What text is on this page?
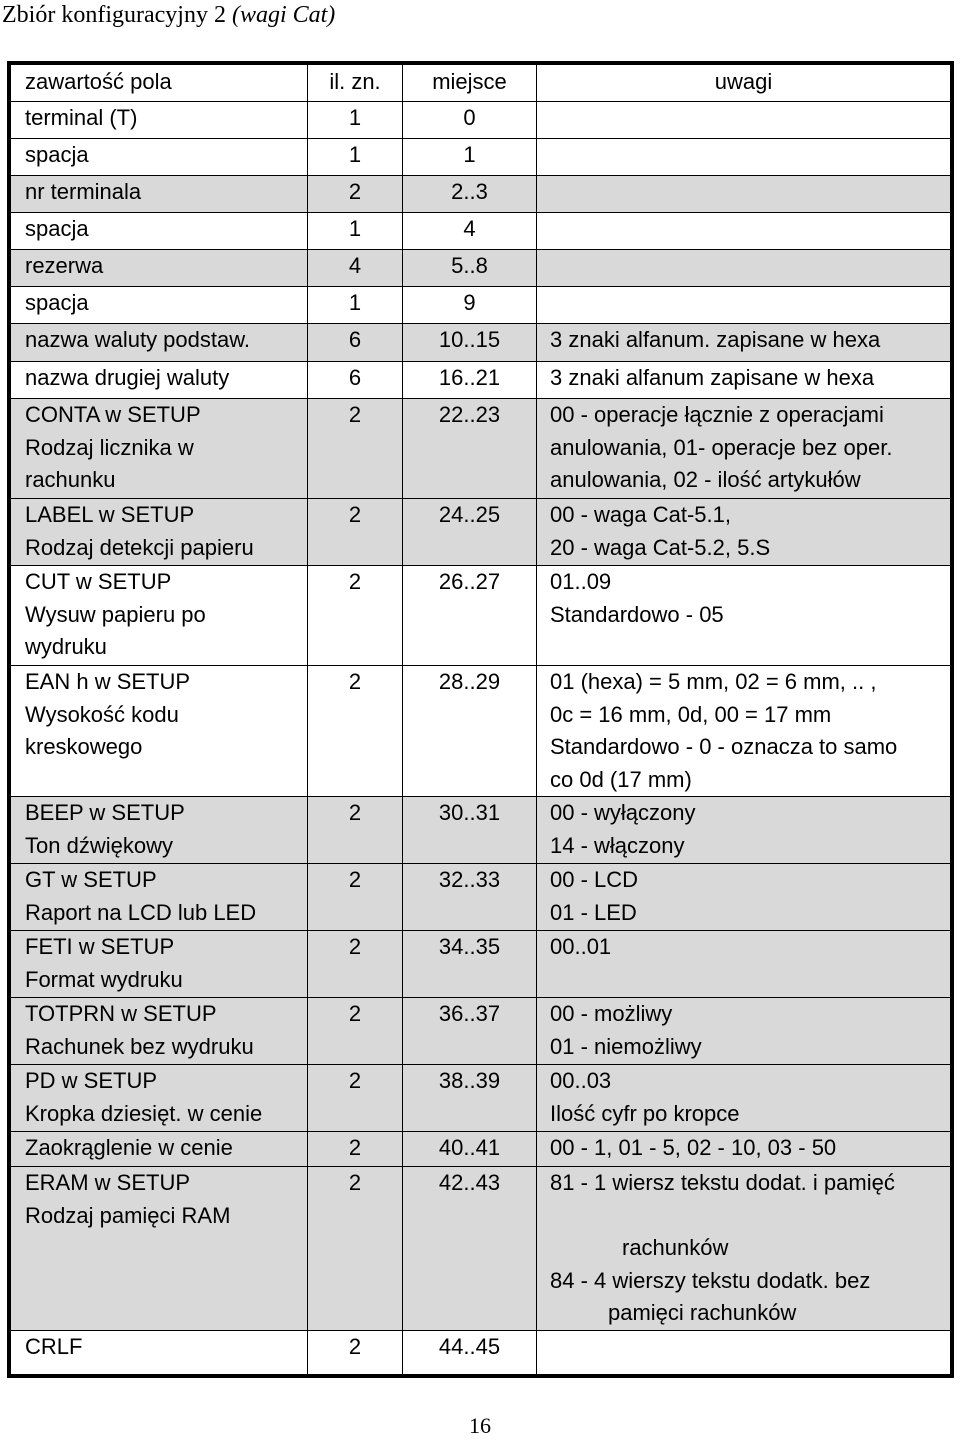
Zbiór konfiguracyjny 2 (wagi Cat)
zawartość pola	il. zn.	miejsce	uwagi

terminal (T)	1	0	

spacja	1	1	

nr terminala	2	2..3	

spacja	1	4	

rezerwa	4	5..8	

spacja	1	9	

nazwa waluty podstaw.	6	10..15	3 znaki alfanum. zapisane w hexa

nazwa drugiej waluty	6	16..21	3 znaki alfanum zapisane w hexa

CONTA w SETUP
Rodzaj licznika w
rachunku	2	22..23	00 - operacje łącznie z operacjami
anulowania, 01- operacje bez oper.
anulowania, 02 - ilość artykułów

LABEL w SETUP
Rodzaj detekcji papieru	2	24..25	00 - waga Cat-5.1,
20 - waga Cat-5.2, 5.S

CUT w SETUP
Wysuw papieru po
wydruku	2	26..27	01..09
Standardowo - 05

EAN h w SETUP
Wysokość kodu
kreskowego	2	28..29	01 (hexa) = 5 mm, 02 = 6 mm, .. ,
0c = 16 mm, 0d, 00 = 17 mm
Standardowo - 0 - oznacza to samo
co 0d (17 mm)

BEEP w SETUP
Ton dźwiękowy	2	30..31	00 - wyłączony
14 - włączony

GT w SETUP
Raport na LCD lub LED	2	32..33	00 - LCD
01 - LED

FETI w SETUP
Format wydruku	2	34..35	00..01

TOTPRN w SETUP
Rachunek bez wydruku	2	36..37	00 - możliwy
01 - niemożliwy

PD w SETUP
Kropka dziesięt. w cenie	2	38..39	00..03
Ilość cyfr po kropce

Zaokrąglenie w cenie	2	40..41	00 - 1, 01 - 5, 02 - 10, 03 - 50

ERAM w SETUP
Rodzaj pamięci RAM	2	42..43	81 - 1 wiersz tekstu dodat. i pamięć

rachunków
84 - 4 wierszy tekstu dodatk. bez
pamięci rachunków

CRLF	2	44..45	
16
